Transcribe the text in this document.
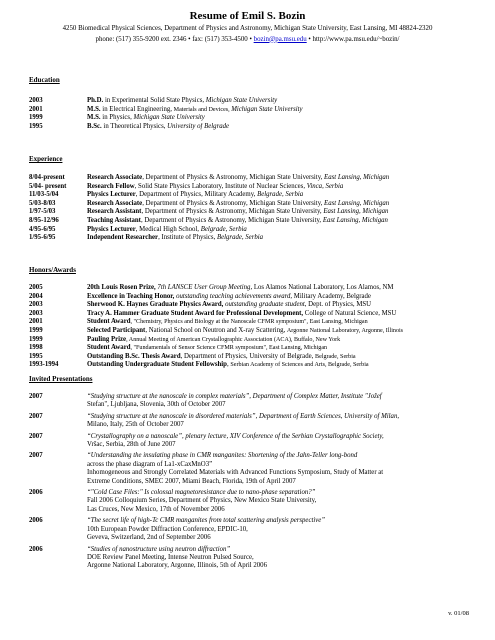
Resume of Emil S. Bozin
4250 Biomedical Physical Sciences, Department of Physics and Astronomy, Michigan State University, East Lansing, MI 48824-2320
phone: (517) 355-9200 ext. 2346 • fax: (517) 353-4500 • bozin@pa.msu.edu • http://www.pa.msu.edu/~bozin/
Education
2003	Ph.D. in Experimental Solid State Physics, Michigan State University
2001	M.S. in Electrical Engineering, Materials and Devices, Michigan State University
1999	M.S. in Physics, Michigan State University
1995	B.Sc. in Theoretical Physics, University of Belgrade
Experience
8/04-present	Research Associate, Department of Physics & Astronomy, Michigan State University, East Lansing, Michigan
5/04- present	Research Fellow, Solid State Physics Laboratory, Institute of Nuclear Sciences, Vinca, Serbia
11/03-5/04	Physics Lecturer, Department of Physics, Military Academy, Belgrade, Serbia
5/03-8/03	Research Associate, Department of Physics & Astronomy, Michigan State University, East Lansing, Michigan
1/97-5/03	Research Assistant, Department of Physics & Astronomy, Michigan State University, East Lansing, Michigan
8/95-12/96	Teaching Assistant, Department of Physics & Astronomy, Michigan State University, East Lansing, Michigan
4/95-6/95	Physics Lecturer, Medical High School, Belgrade, Serbia
1/95-6/95	Independent Researcher, Institute of Physics, Belgrade, Serbia
Honors/Awards
2005	20th Louis Rosen Prize, 7th LANSCE User Group Meeting, Los Alamos National Laboratory, Los Alamos, NM
2004	Excellence in Teaching Honor, outstanding teaching achievements award, Military Academy, Belgrade
2003	Sherwood K. Haynes Graduate Physics Award, outstanding graduate student, Dept. of Physics, MSU
2003	Tracy A. Hammer Graduate Student Award for Professional Development, College of Natural Science, MSU
2001	Student Award, "Chemistry, Physics and Biology at the Nanoscale CFMR symposium", East Lansing, Michigan
1999	Selected Participant, National School on Neutron and X-ray Scattering, Argonne National Laboratory, Argonne, Illinois
1999	Pauling Prize, Annual Meeting of American Crystallographic Association (ACA), Buffalo, New York
1998	Student Award, "Fundamentals of Sensor Science CFMR symposium", East Lansing, Michigan
1995	Outstanding B.Sc. Thesis Award, Department of Physics, University of Belgrade, Belgrade, Serbia
1993-1994	Outstanding Undergraduate Student Fellowship, Serbian Academy of Sciences and Arts, Belgrade, Serbia
Invited Presentations
2007	“Studying structure at the nanoscale in complex materials”, Department of Complex Matter, Institute "Jožef
Stefan", Ljubljana, Slovenia, 30th of October 2007
2007	“Studying structure at the nanoscale in disordered materials”, Department of Earth Sciences, University of Milan,
Milano, Italy, 25th of October 2007
2007	“Crystallography on a nanoscale”, plenary lecture, XIV Conference of the Serbian Crystallographic Society,
Vršac, Serbia, 28th of June 2007
2007	“Understanding the insulating phase in CMR manganites: Shortening of the Jahn-Teller long-bond
across the phase diagram of La1-xCaxMnO3”
Inhomogeneous and Strongly Correlated Materials with Advanced Functions Symposium, Study of Matter at
Extreme Conditions, SMEC 2007, Miami Beach, Florida, 19th of April 2007
2006	“"Cold Case Files:" Is colossal magnetoresistance due to nano-phase separation?”
Fall 2006 Colloquium Series, Department of Physics, New Mexico State University,
Las Cruces, New Mexico, 17th of November 2006
2006	“The secret life of high-Tc CMR manganites from total scattering analysis perspective”
10th European Powder Diffraction Conference, EPDIC-10,
Geveva, Switzerland, 2nd of September 2006
2006	“Studies of nanostructure using neutron diffraction”
DOE Review Panel Meeting, Intense Neutron Pulsed Source,
Argonne National Laboratory, Argonne, Illinois, 5th of April 2006
v. 01/08
